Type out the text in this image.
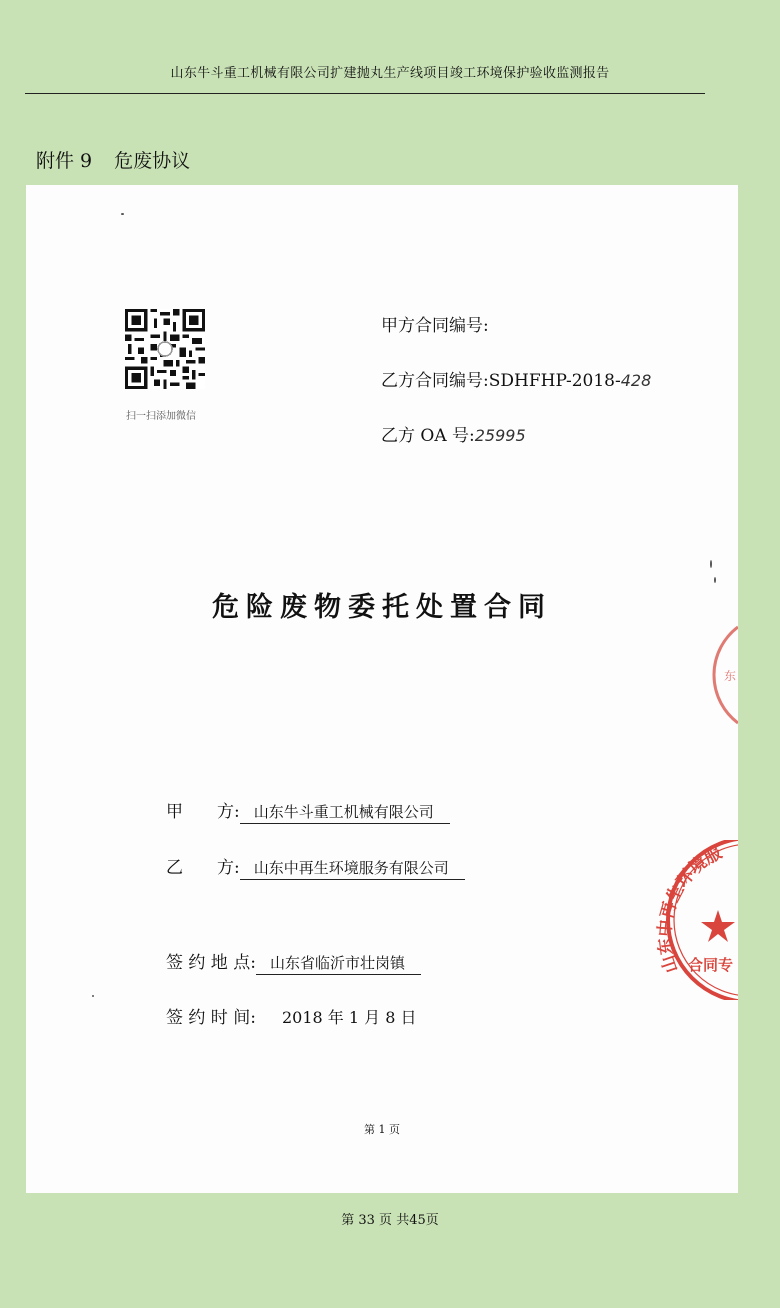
山东牛斗重工机械有限公司扩建抛丸生产线项目竣工环境保护验收监测报告
附件 9 危废协议
扫一扫添加微信
甲方合同编号:
乙方合同编号:SDHFHP-2018-428
乙方 OA 号:25995
危险废物委托处置合同
甲　　方: 山东牛斗重工机械有限公司
乙　　方: 山东中再生环境服务有限公司
签 约 地 点: 山东省临沂市壮岗镇
签 约 时 间: 2018 年 1 月 8 日
第 1 页
东
山东中再生环境服
合同专
第 33 页 共45页
